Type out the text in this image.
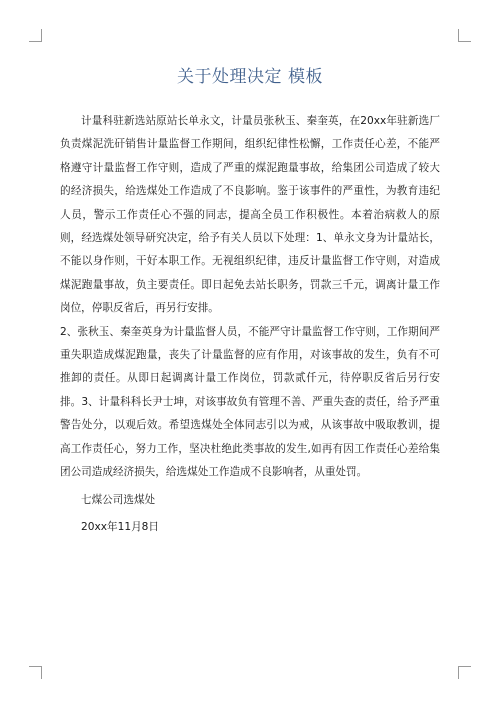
关于处理决定 模板

计量科驻新选站原站长单永文，计量员张秋玉、秦奎英，在20xx年驻新选厂负责煤泥洗矸销售计量监督工作期间，组织纪律性松懈，工作责任心差，不能严格遵守计量监督工作守则，造成了严重的煤泥跑量事故，给集团公司造成了较大的经济损失，给选煤处工作造成了不良影响。鉴于该事件的严重性，为教育违纪人员，警示工作责任心不强的同志，提高全员工作积极性。本着治病救人的原则，经选煤处领导研究决定，给予有关人员以下处理：1、单永文身为计量站长，不能以身作则，干好本职工作。无视组织纪律，违反计量监督工作守则，对造成煤泥跑量事故，负主要责任。即日起免去站长职务，罚款三千元，调离计量工作岗位，停职反省后，再另行安排。

2、张秋玉、秦奎英身为计量监督人员，不能严守计量监督工作守则，工作期间严重失职造成煤泥跑量，丧失了计量监督的应有作用，对该事故的发生，负有不可推卸的责任。从即日起调离计量工作岗位，罚款贰仟元，待停职反省后另行安排。3、计量科科长尹士坤，对该事故负有管理不善、严重失查的责任，给予严重警告处分，以观后效。希望选煤处全体同志引以为戒，从该事故中吸取教训，提高工作责任心，努力工作，坚决杜绝此类事故的发生,如再有因工作责任心差给集团公司造成经济损失，给选煤处工作造成不良影响者，从重处罚。

七煤公司选煤处

20xx年11月8日
